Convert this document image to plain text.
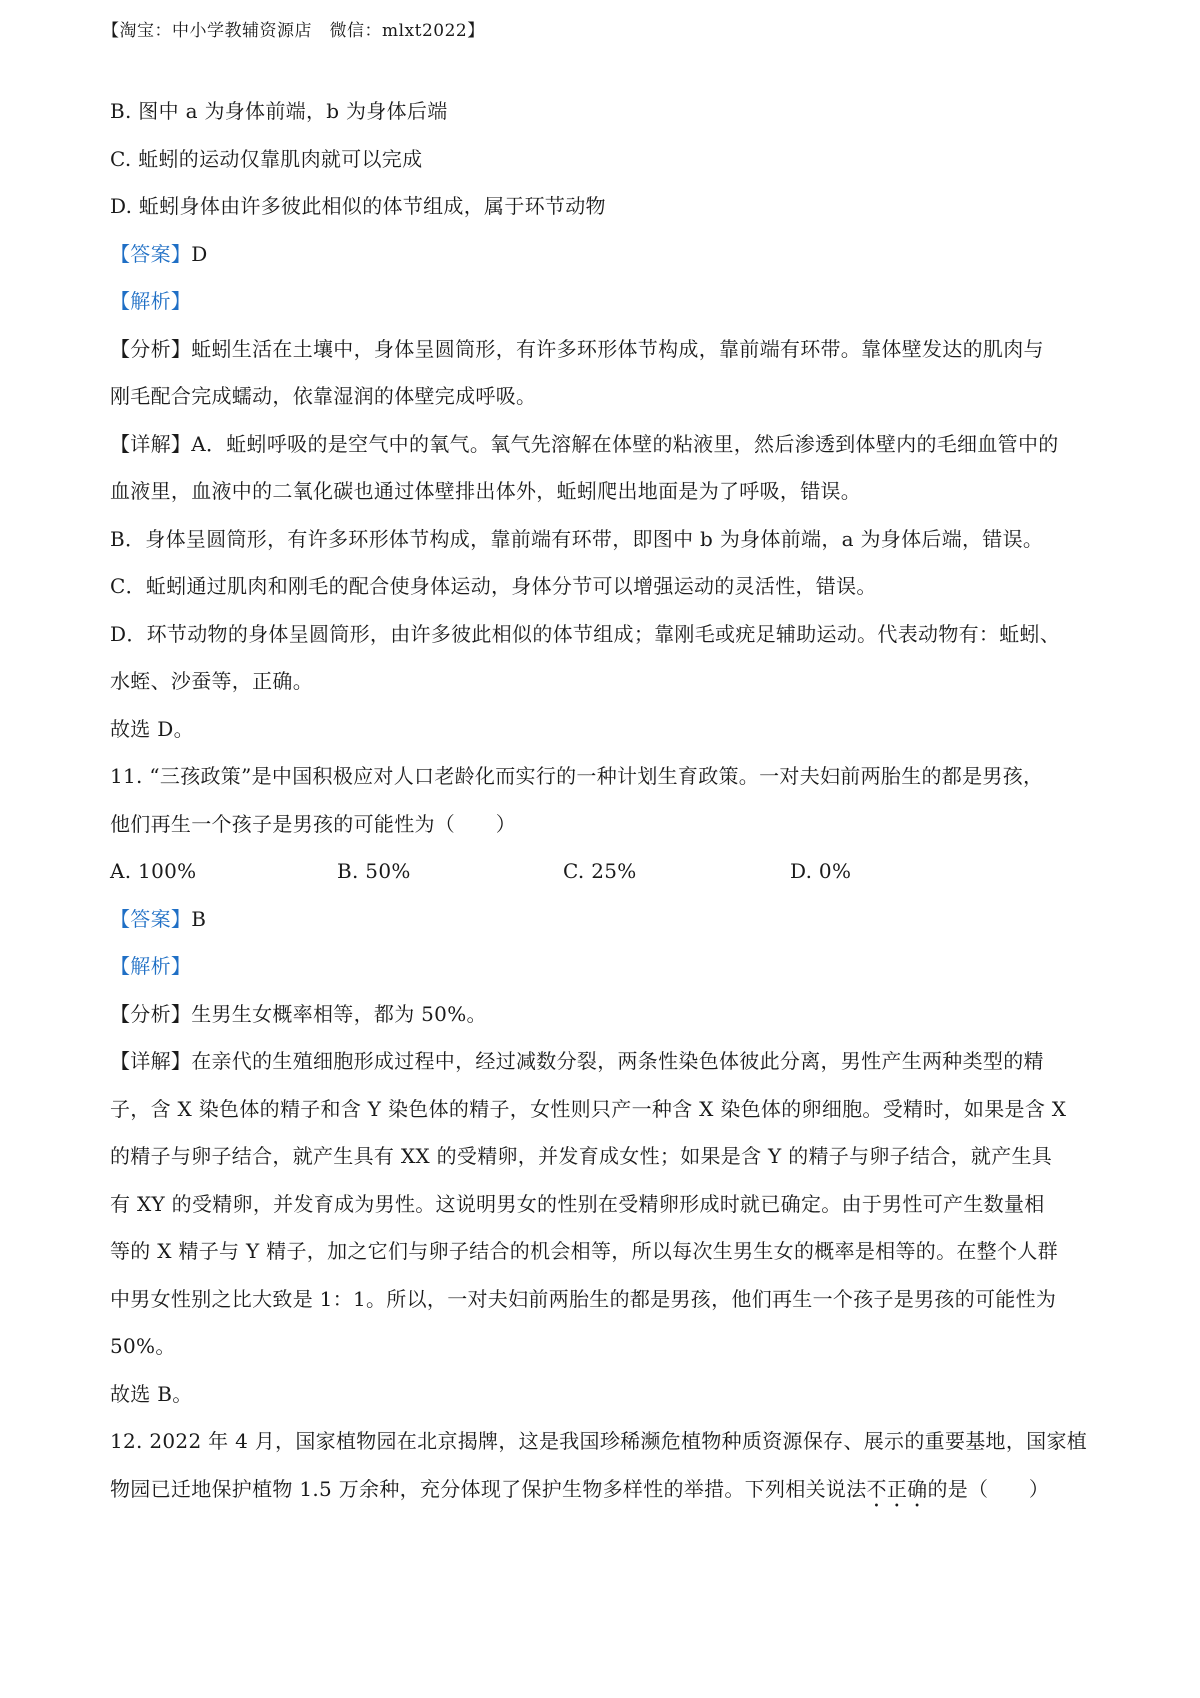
【淘宝：中小学教辅资源店　微信：mlxt2022】
B. 图中 a 为身体前端，b 为身体后端
C. 蚯蚓的运动仅靠肌肉就可以完成
D. 蚯蚓身体由许多彼此相似的体节组成，属于环节动物
【答案】D
【解析】
【分析】蚯蚓生活在土壤中，身体呈圆筒形，有许多环形体节构成，靠前端有环带。靠体壁发达的肌肉与
刚毛配合完成蠕动，依靠湿润的体壁完成呼吸。
【详解】A．蚯蚓呼吸的是空气中的氧气。氧气先溶解在体壁的粘液里，然后渗透到体壁内的毛细血管中的
血液里，血液中的二氧化碳也通过体壁排出体外，蚯蚓爬出地面是为了呼吸，错误。
B．身体呈圆筒形，有许多环形体节构成，靠前端有环带，即图中 b 为身体前端，a 为身体后端，错误。
C．蚯蚓通过肌肉和刚毛的配合使身体运动，身体分节可以增强运动的灵活性，错误。
D．环节动物的身体呈圆筒形，由许多彼此相似的体节组成；靠刚毛或疣足辅助运动。代表动物有：蚯蚓、
水蛭、沙蚕等，正确。
故选 D。
11. “三孩政策”是中国积极应对人口老龄化而实行的一种计划生育政策。一对夫妇前两胎生的都是男孩，
他们再生一个孩子是男孩的可能性为（　　）
A. 100%	B. 50%	C. 25%	D. 0%
【答案】B
【解析】
【分析】生男生女概率相等，都为 50%。
【详解】在亲代的生殖细胞形成过程中，经过减数分裂，两条性染色体彼此分离，男性产生两种类型的精
子，含 X 染色体的精子和含 Y 染色体的精子，女性则只产一种含 X 染色体的卵细胞。受精时，如果是含 X
的精子与卵子结合，就产生具有 XX 的受精卵，并发育成女性；如果是含 Y 的精子与卵子结合，就产生具
有 XY 的受精卵，并发育成为男性。这说明男女的性别在受精卵形成时就已确定。由于男性可产生数量相
等的 X 精子与 Y 精子，加之它们与卵子结合的机会相等，所以每次生男生女的概率是相等的。在整个人群
中男女性别之比大致是 1：1。所以，一对夫妇前两胎生的都是男孩，他们再生一个孩子是男孩的可能性为
50%。
故选 B。
12. 2022 年 4 月，国家植物园在北京揭牌，这是我国珍稀濒危植物种质资源保存、展示的重要基地，国家植
物园已迁地保护植物 1.5 万余种，充分体现了保护生物多样性的举措。下列相关说法不正确的是（　　）
